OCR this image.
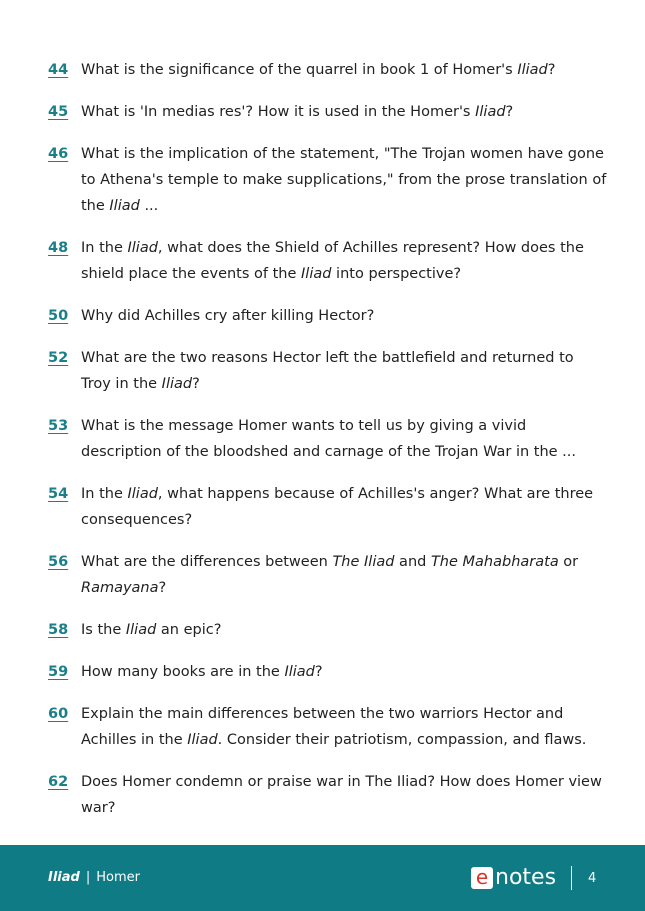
44 What is the significance of the quarrel in book 1 of Homer's Iliad?
45 What is 'In medias res'? How it is used in the Homer's Iliad?
46 What is the implication of the statement, "The Trojan women have gone to Athena's temple to make supplications," from the prose translation of the Iliad ...
48 In the Iliad, what does the Shield of Achilles represent? How does the shield place the events of the Iliad into perspective?
50 Why did Achilles cry after killing Hector?
52 What are the two reasons Hector left the battlefield and returned to Troy in the Iliad?
53 What is the message Homer wants to tell us by giving a vivid description of the bloodshed and carnage of the Trojan War in the ...
54 In the Iliad, what happens because of Achilles's anger? What are three consequences?
56 What are the differences between The Iliad and The Mahabharata or Ramayana?
58 Is the Iliad an epic?
59 How many books are in the Iliad?
60 Explain the main differences between the two warriors Hector and Achilles in the Iliad. Consider their patriotism, compassion, and flaws.
62 Does Homer condemn or praise war in The Iliad? How does Homer view war?
Iliad | Homer	e notes 4
